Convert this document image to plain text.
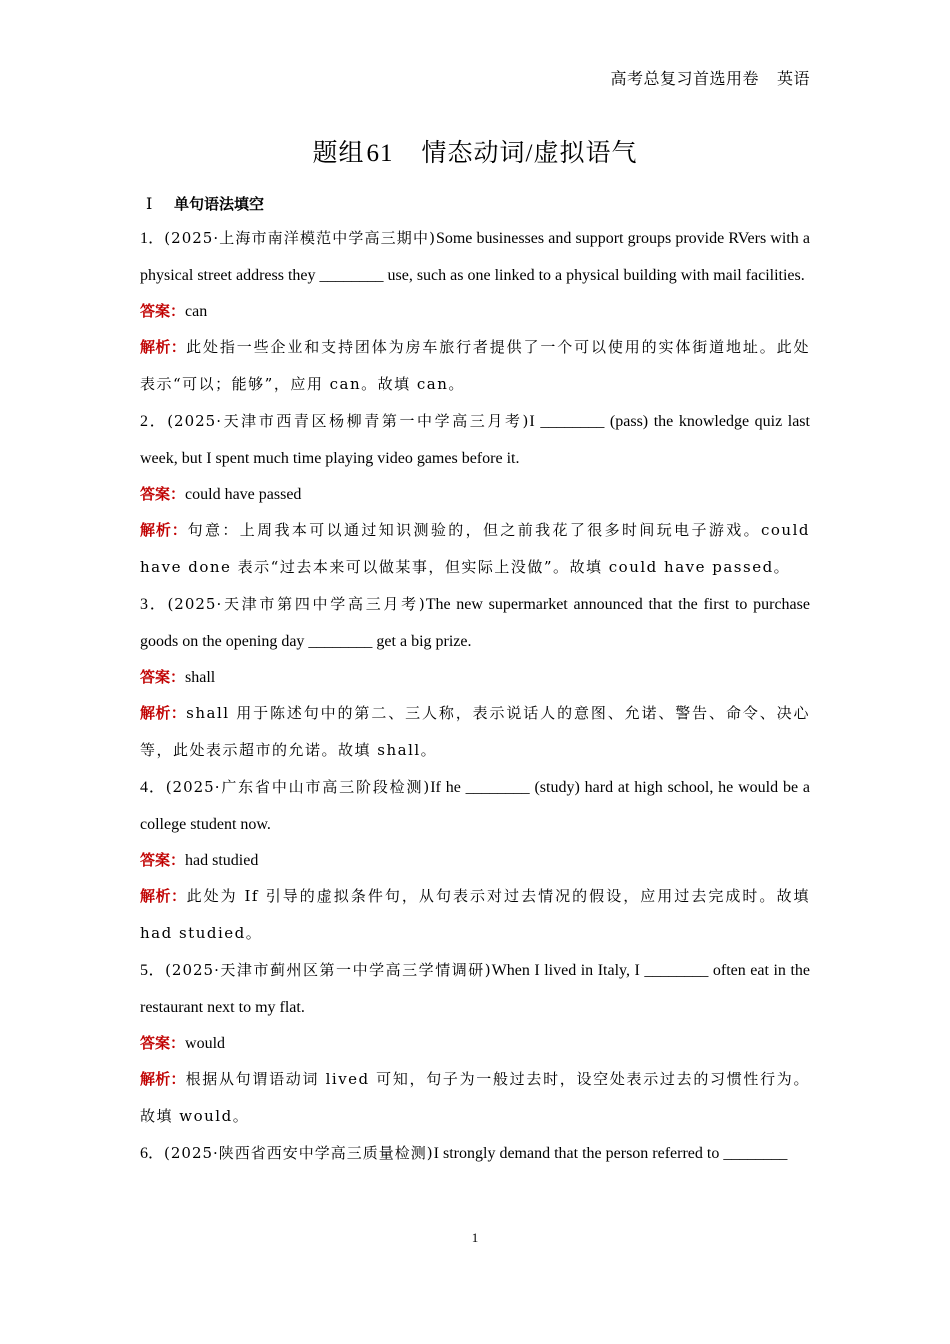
高考总复习首选用卷 英语
题组61 情态动词/虚拟语气
Ⅰ 单句语法填空
1．(2025·上海市南洋模范中学高三期中)Some businesses and support groups provide RVers with a physical street address they ________ use, such as one linked to a physical building with mail facilities.
答案：can
解析：此处指一些企业和支持团体为房车旅行者提供了一个可以使用的实体街道地址。此处表示“可以；能够”，应用 can。故填 can。
2．(2025·天津市西青区杨柳青第一中学高三月考)I ________ (pass) the knowledge quiz last week, but I spent much time playing video games before it.
答案：could have passed
解析：句意：上周我本可以通过知识测验的，但之前我花了很多时间玩电子游戏。could have done 表示“过去本来可以做某事，但实际上没做”。故填 could have passed。
3．(2025·天津市第四中学高三月考)The new supermarket announced that the first to purchase goods on the opening day ________ get a big prize.
答案：shall
解析：shall 用于陈述句中的第二、三人称，表示说话人的意图、允诺、警告、命令、决心等，此处表示超市的允诺。故填 shall。
4．(2025·广东省中山市高三阶段检测)If he ________ (study) hard at high school, he would be a college student now.
答案：had studied
解析：此处为 If 引导的虚拟条件句，从句表示对过去情况的假设，应用过去完成时。故填 had studied。
5．(2025·天津市蓟州区第一中学高三学情调研)When I lived in Italy, I ________ often eat in the restaurant next to my flat.
答案：would
解析：根据从句谓语动词 lived 可知，句子为一般过去时，设空处表示过去的习惯性行为。故填 would。
6．(2025·陕西省西安中学高三质量检测)I strongly demand that the person referred to ________
1
